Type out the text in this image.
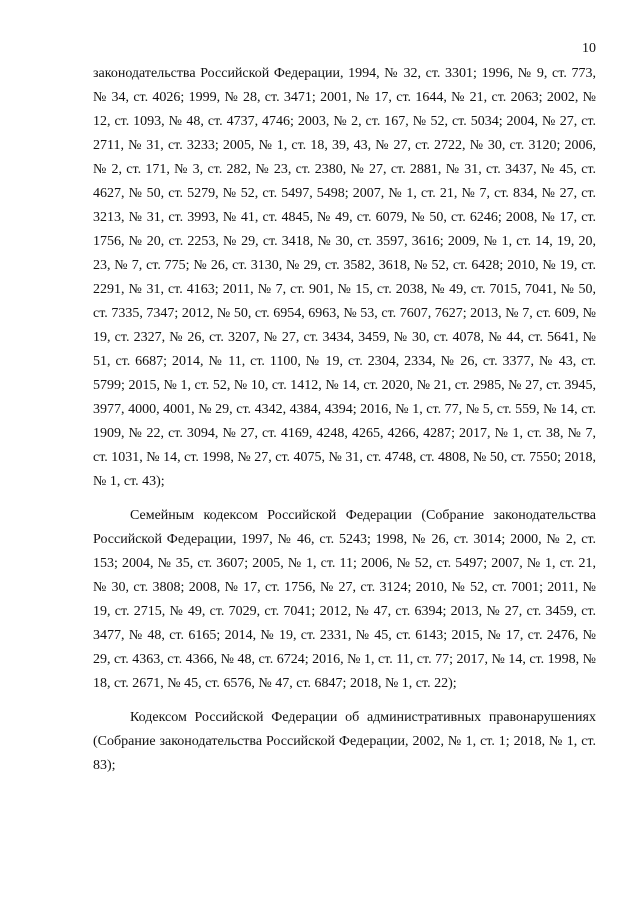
10

законодательства Российской Федерации, 1994, № 32, ст. 3301; 1996, № 9, ст. 773, № 34, ст. 4026; 1999, № 28, ст. 3471; 2001, № 17, ст. 1644, № 21, ст. 2063; 2002, № 12, ст. 1093, № 48, ст. 4737, 4746; 2003, № 2, ст. 167, № 52, ст. 5034; 2004, № 27, ст. 2711, № 31, ст. 3233; 2005, № 1, ст. 18, 39, 43, № 27, ст. 2722, № 30, ст. 3120; 2006, № 2, ст. 171, № 3, ст. 282, № 23, ст. 2380, № 27, ст. 2881, № 31, ст. 3437, № 45, ст. 4627, № 50, ст. 5279, № 52, ст. 5497, 5498; 2007, № 1, ст. 21, № 7, ст. 834, № 27, ст. 3213, № 31, ст. 3993, № 41, ст. 4845, № 49, ст. 6079, № 50, ст. 6246; 2008, № 17, ст. 1756, № 20, ст. 2253, № 29, ст. 3418, № 30, ст. 3597, 3616; 2009, № 1, ст. 14, 19, 20, 23, № 7, ст. 775; № 26, ст. 3130, № 29, ст. 3582, 3618, № 52, ст. 6428; 2010, № 19, ст. 2291, № 31, ст. 4163; 2011, № 7, ст. 901, № 15, ст. 2038, № 49, ст. 7015, 7041, № 50, ст. 7335, 7347; 2012, № 50, ст. 6954, 6963, № 53, ст. 7607, 7627; 2013, № 7, ст. 609, № 19, ст. 2327, № 26, ст. 3207, № 27, ст. 3434, 3459, № 30, ст. 4078, № 44, ст. 5641, № 51, ст. 6687; 2014, № 11, ст. 1100, № 19, ст. 2304, 2334, № 26, ст. 3377, № 43, ст. 5799; 2015, № 1, ст. 52, № 10, ст. 1412, № 14, ст. 2020, № 21, ст. 2985, № 27, ст. 3945, 3977, 4000, 4001, № 29, ст. 4342, 4384, 4394; 2016, № 1, ст. 77, № 5, ст. 559, № 14, ст. 1909, № 22, ст. 3094, № 27, ст. 4169, 4248, 4265, 4266, 4287; 2017, № 1, ст. 38, № 7, ст. 1031, № 14, ст. 1998, № 27, ст. 4075, № 31, ст. 4748, ст. 4808, № 50, ст. 7550; 2018, № 1, ст. 43);

Семейным кодексом Российской Федерации (Собрание законодательства Российской Федерации, 1997, № 46, ст. 5243; 1998, № 26, ст. 3014; 2000, № 2, ст. 153; 2004, № 35, ст. 3607; 2005, № 1, ст. 11; 2006, № 52, ст. 5497; 2007, № 1, ст. 21, № 30, ст. 3808; 2008, № 17, ст. 1756, № 27, ст. 3124; 2010, № 52, ст. 7001; 2011, № 19, ст. 2715, № 49, ст. 7029, ст. 7041; 2012, № 47, ст. 6394; 2013, № 27, ст. 3459, ст. 3477, № 48, ст. 6165; 2014, № 19, ст. 2331, № 45, ст. 6143; 2015, № 17, ст. 2476, № 29, ст. 4363, ст. 4366, № 48, ст. 6724; 2016, № 1, ст. 11, ст. 77; 2017, № 14, ст. 1998, № 18, ст. 2671, № 45, ст. 6576, № 47, ст. 6847; 2018, № 1, ст. 22);

Кодексом Российской Федерации об административных правонарушениях (Собрание законодательства Российской Федерации, 2002, № 1, ст. 1; 2018, № 1, ст. 83);
